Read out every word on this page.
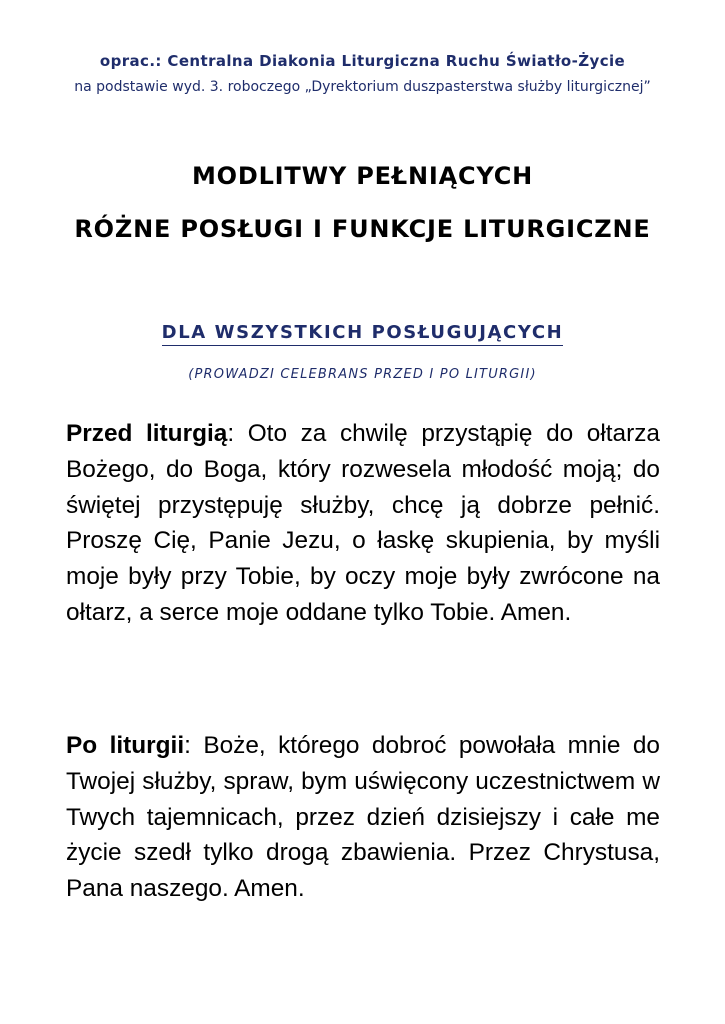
oprac.: Centralna Diakonia Liturgiczna Ruchu Światło-Życie
na podstawie wyd. 3. roboczego „Dyrektorium duszpasterstwa służby liturgicznej”
MODLITWY PEŁNIĄCYCH
RÓŻNE POSŁUGI I FUNKCJE LITURGICZNE
DLA WSZYSTKICH POSŁUGUJĄCYCH
(PROWADZI CELEBRANS PRZED I PO LITURGII)

Przed liturgią: Oto za chwilę przystąpię do ołtarza Bożego, do Boga, który rozwesela młodość moją; do świętej przystępuję służby, chcę ją dobrze pełnić. Proszę Cię, Panie Jezu, o łaskę skupienia, by myśli moje były przy Tobie, by oczy moje były zwrócone na ołtarz, a serce moje oddane tylko Tobie. Amen.

Po liturgii: Boże, którego dobroć powołała mnie do Twojej służby, spraw, bym uświęcony uczestnictwem w Twych tajemnicach, przez dzień dzisiejszy i całe me życie szedł tylko drogą zbawienia. Przez Chrystusa, Pana naszego. Amen.
